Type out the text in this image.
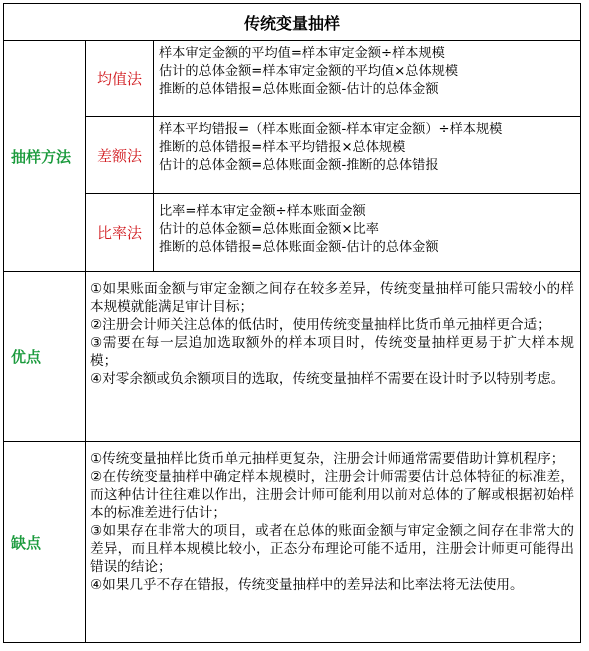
传统变量抽样
抽样方法
均值法
样本审定金额的平均值=样本审定金额÷样本规模
估计的总体金额=样本审定金额的平均值×总体规模
推断的总体错报=总体账面金额-估计的总体金额
差额法
样本平均错报=（样本账面金额-样本审定金额）÷样本规模
推断的总体错报=样本平均错报×总体规模
估计的总体金额=总体账面金额-推断的总体错报
比率法
比率=样本审定金额÷样本账面金额
估计的总体金额=总体账面金额×比率
推断的总体错报=总体账面金额-估计的总体金额
优点

①如果账面金额与审定金额之间存在较多差异，传统变量抽样可能只需较小的样本规模就能满足审计目标；

②注册会计师关注总体的低估时，使用传统变量抽样比货币单元抽样更合适；

③需要在每一层追加选取额外的样本项目时，传统变量抽样更易于扩大样本规模；

④对零余额或负余额项目的选取，传统变量抽样不需要在设计时予以特别考虑。

缺点

①传统变量抽样比货币单元抽样更复杂，注册会计师通常需要借助计算机程序；

②在传统变量抽样中确定样本规模时，注册会计师需要估计总体特征的标准差，而这种估计往往难以作出，注册会计师可能利用以前对总体的了解或根据初始样本的标准差进行估计；

③如果存在非常大的项目，或者在总体的账面金额与审定金额之间存在非常大的差异，而且样本规模比较小，正态分布理论可能不适用，注册会计师更可能得出错误的结论；

④如果几乎不存在错报，传统变量抽样中的差异法和比率法将无法使用。
